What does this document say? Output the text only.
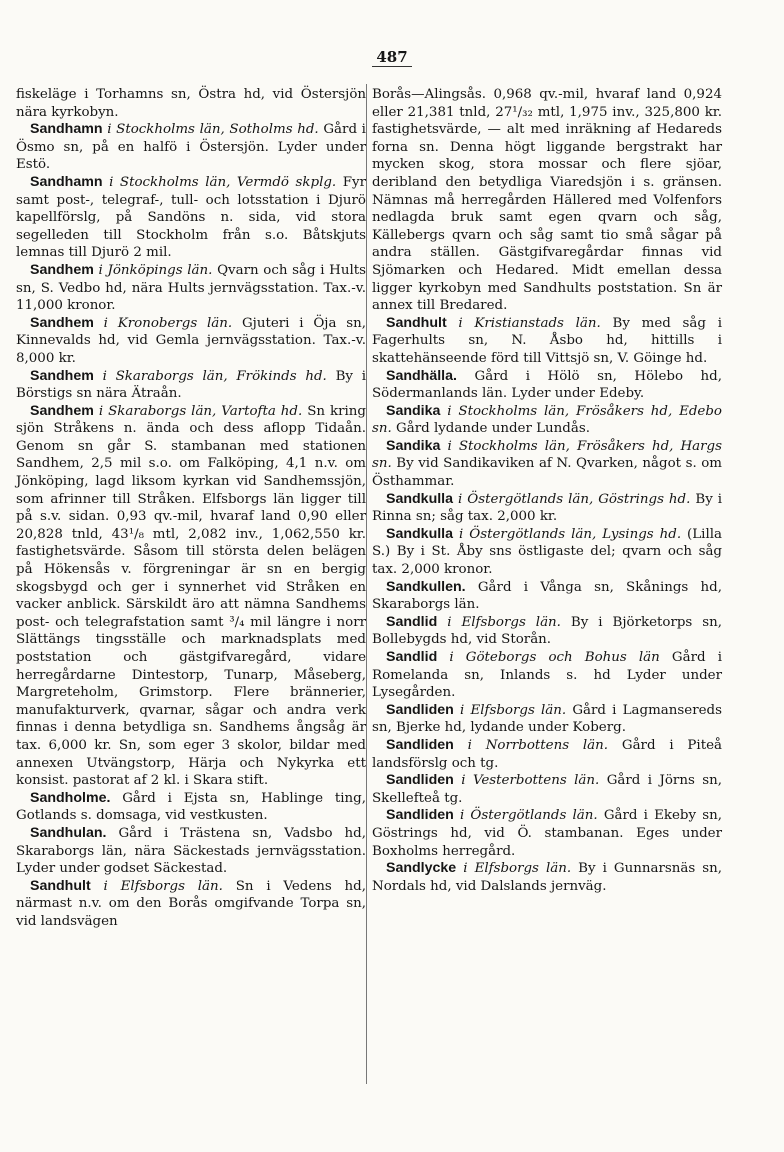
487

fiskeläge i Torhamns sn, Östra hd, vid Östersjön nära kyrkobyn.

Sandhamn i Stockholms län, Sotholms hd. Gård i Ösmo sn, på en halfö i Östersjön. Lyder under Estö.

Sandhamn i Stockholms län, Vermdö skplg. Fyr samt post-, telegraf-, tull- och lotsstation i Djurö kapellförslg, på Sandöns n. sida, vid stora segelleden till Stockholm från s.o. Båtskjuts lemnas till Djurö 2 mil.

Sandhem i Jönköpings län. Qvarn och såg i Hults sn, S. Vedbo hd, nära Hults jernvägsstation. Tax.-v. 11,000 kronor.

Sandhem i Kronobergs län. Gjuteri i Öja sn, Kinnevalds hd, vid Gemla jernvägsstation. Tax.-v. 8,000 kr.

Sandhem i Skaraborgs län, Frökinds hd. By i Börstigs sn nära Ätraån.

Sandhem i Skaraborgs län, Vartofta hd. Sn kring sjön Stråkens n. ända och dess aflopp Tidaån. Genom sn går S. stambanan med stationen Sandhem, 2,5 mil s.o. om Falköping, 4,1 n.v. om Jönköping, lagd liksom kyrkan vid Sandhemssjön, som afrinner till Stråken. Elfsborgs län ligger till på s.v. sidan. 0,93 qv.-mil, hvaraf land 0,90 eller 20,828 tnld, 43¹/₈ mtl, 2,082 inv., 1,062,550 kr. fastighetsvärde. Såsom till största delen belägen på Hökensås v. förgreningar är sn en bergig skogsbygd och ger i synnerhet vid Stråken en vacker anblick. Särskildt äro att nämna Sandhems post- och telegrafstation samt ³/₄ mil längre i norr Slättängs tingsställe och marknadsplats med poststation och gästgifvaregård, vidare herregårdarne Dintestorp, Tunarp, Måseberg, Margreteholm, Grimstorp. Flere brännerier, manufakturverk, qvarnar, sågar och andra verk finnas i denna betydliga sn. Sandhems ångsåg är tax. 6,000 kr. Sn, som eger 3 skolor, bildar med annexen Utvängstorp, Härja och Nykyrka ett konsist. pastorat af 2 kl. i Skara stift.

Sandholme. Gård i Ejsta sn, Hablinge ting, Gotlands s. domsaga, vid vestkusten.

Sandhulan. Gård i Trästena sn, Vadsbo hd, Skaraborgs län, nära Säckestads jernvägsstation. Lyder under godset Säckestad.

Sandhult i Elfsborgs län. Sn i Vedens hd, närmast n.v. om den Borås omgifvande Torpa sn, vid landsvägen

Borås—Alingsås. 0,968 qv.-mil, hvaraf land 0,924 eller 21,381 tnld, 27¹/₃₂ mtl, 1,975 inv., 325,800 kr. fastighetsvärde, — alt med inräkning af Hedareds forna sn. Denna högt liggande bergstrakt har mycken skog, stora mossar och flere sjöar, deribland den betydliga Viaredsjön i s. gränsen. Nämnas må herregården Hällered med Volfenfors nedlagda bruk samt egen qvarn och såg, Källebergs qvarn och såg samt tio små sågar på andra ställen. Gästgifvaregårdar finnas vid Sjömarken och Hedared. Midt emellan dessa ligger kyrkobyn med Sandhults poststation. Sn är annex till Bredared.

Sandhult i Kristianstads län. By med såg i Fagerhults sn, N. Åsbo hd, hittills i skattehänseende förd till Vittsjö sn, V. Göinge hd.

Sandhälla. Gård i Hölö sn, Hölebo hd, Södermanlands län. Lyder under Edeby.

Sandika i Stockholms län, Frösåkers hd, Edebo sn. Gård lydande under Lundås.

Sandika i Stockholms län, Frösåkers hd, Hargs sn. By vid Sandikaviken af N. Qvarken, något s. om Östhammar.

Sandkulla i Östergötlands län, Göstrings hd. By i Rinna sn; såg tax. 2,000 kr.

Sandkulla i Östergötlands län, Lysings hd. (Lilla S.) By i St. Åby sns östligaste del; qvarn och såg tax. 2,000 kronor.

Sandkullen. Gård i Vånga sn, Skånings hd, Skaraborgs län.

Sandlid i Elfsborgs län. By i Björketorps sn, Bollebygds hd, vid Storån.

Sandlid i Göteborgs och Bohus län Gård i Romelanda sn, Inlands s. hd Lyder under Lysegården.

Sandliden i Elfsborgs län. Gård i Lagmansereds sn, Bjerke hd, lydande under Koberg.

Sandliden i Norrbottens län. Gård i Piteå landsförslg och tg.

Sandliden i Vesterbottens län. Gård i Jörns sn, Skellefteå tg.

Sandliden i Östergötlands län. Gård i Ekeby sn, Göstrings hd, vid Ö. stambanan. Eges under Boxholms herregård.

Sandlycke i Elfsborgs län. By i Gunnarsnäs sn, Nordals hd, vid Dalslands jernväg.
